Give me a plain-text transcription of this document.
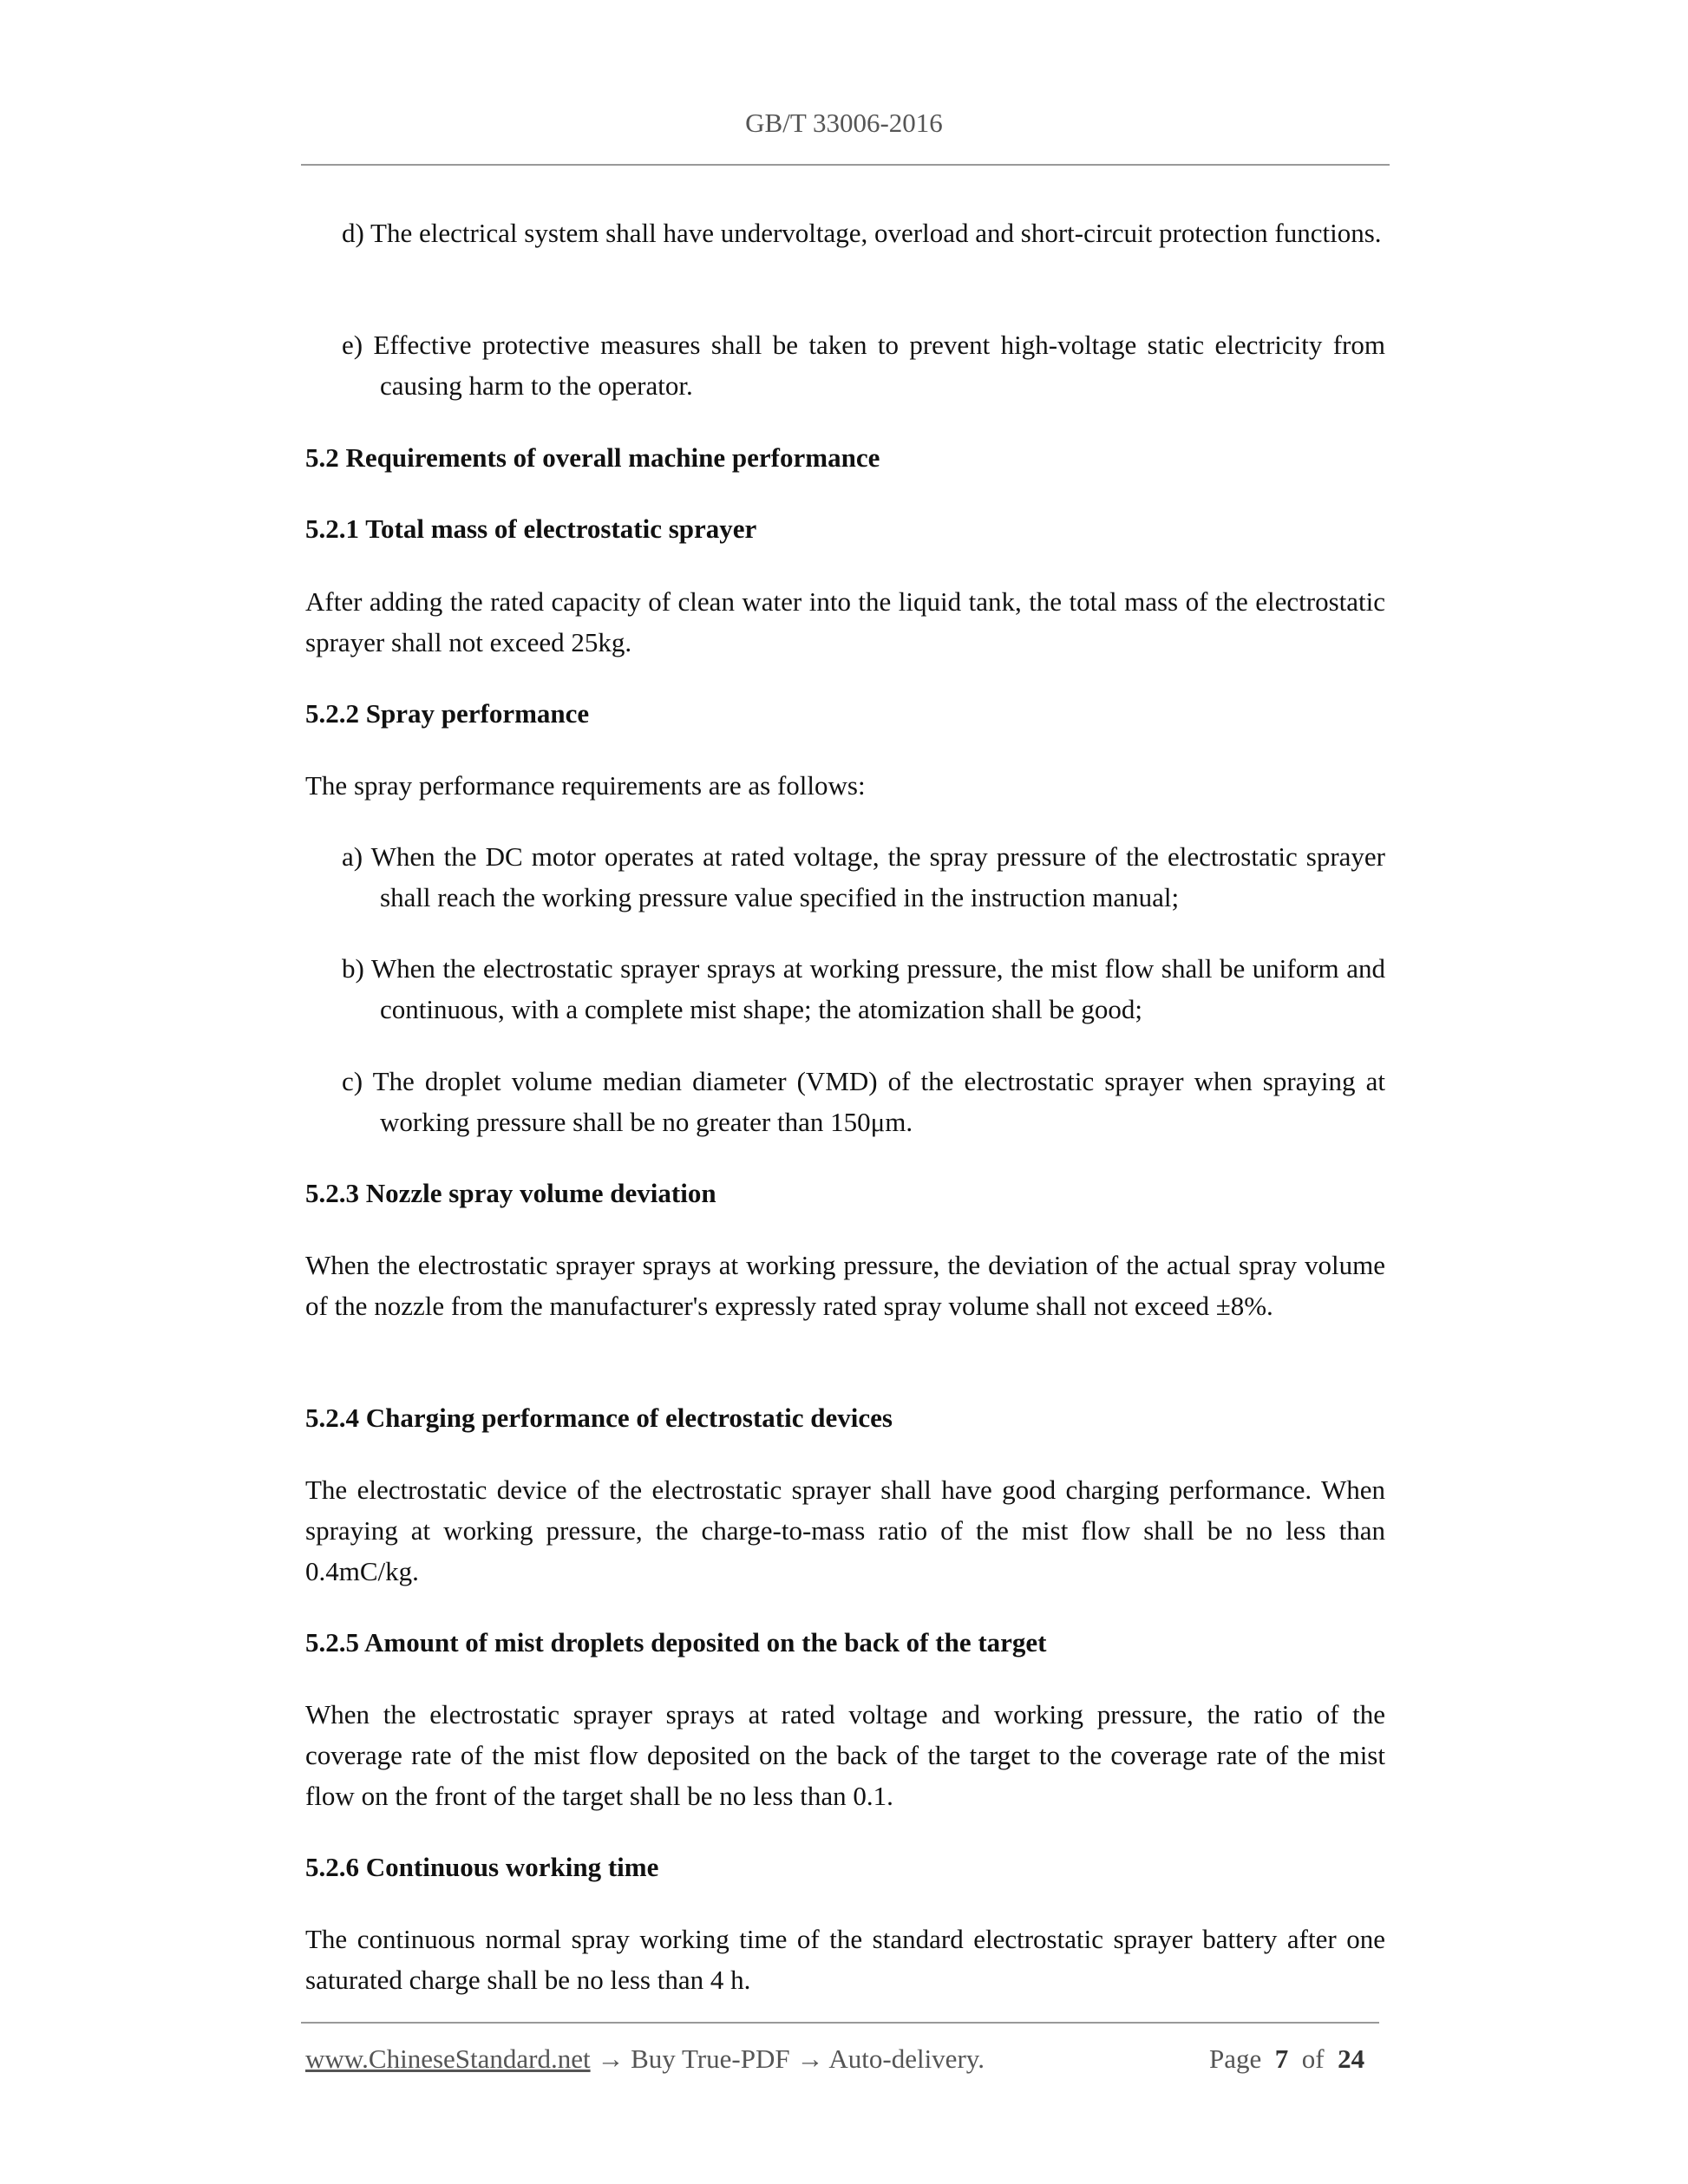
GB/T 33006-2016
d) The electrical system shall have undervoltage, overload and short-circuit protection functions.
e) Effective protective measures shall be taken to prevent high-voltage static electricity from causing harm to the operator.
5.2 Requirements of overall machine performance
5.2.1 Total mass of electrostatic sprayer
After adding the rated capacity of clean water into the liquid tank, the total mass of the electrostatic sprayer shall not exceed 25kg.
5.2.2 Spray performance
The spray performance requirements are as follows:
a) When the DC motor operates at rated voltage, the spray pressure of the electrostatic sprayer shall reach the working pressure value specified in the instruction manual;
b) When the electrostatic sprayer sprays at working pressure, the mist flow shall be uniform and continuous, with a complete mist shape; the atomization shall be good;
c) The droplet volume median diameter (VMD) of the electrostatic sprayer when spraying at working pressure shall be no greater than 150μm.
5.2.3 Nozzle spray volume deviation
When the electrostatic sprayer sprays at working pressure, the deviation of the actual spray volume of the nozzle from the manufacturer's expressly rated spray volume shall not exceed ±8%.
5.2.4 Charging performance of electrostatic devices
The electrostatic device of the electrostatic sprayer shall have good charging performance. When spraying at working pressure, the charge-to-mass ratio of the mist flow shall be no less than 0.4mC/kg.
5.2.5 Amount of mist droplets deposited on the back of the target
When the electrostatic sprayer sprays at rated voltage and working pressure, the ratio of the coverage rate of the mist flow deposited on the back of the target to the coverage rate of the mist flow on the front of the target shall be no less than 0.1.
5.2.6 Continuous working time
The continuous normal spray working time of the standard electrostatic sprayer battery after one saturated charge shall be no less than 4 h.
www.ChineseStandard.net → Buy True-PDF → Auto-delivery.	Page 7 of 24
